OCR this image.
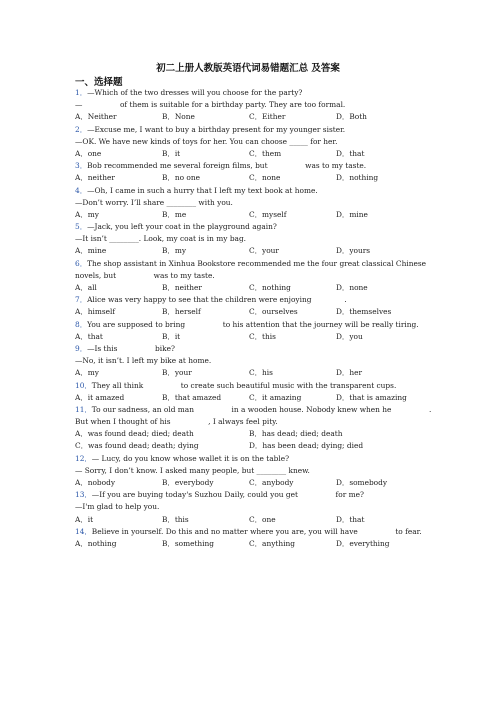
初二上册人教版英语代词易错题汇总 及答案
一、选择题
1．—Which of the two dresses will you choose for the party?
—                of them is suitable for a birthday party. They are too formal.
A．Neither	B．None	C．Either	D．Both
2．—Excuse me, I want to buy a birthday present for my younger sister.
—OK. We have new kinds of toys for her. You can choose _____ for her.
A．one	B．it	C．them	D．that
3．Bob recommended me several foreign films, but                was to my taste.
A．neither	B．no one	C．none	D．nothing
4．—Oh, I came in such a hurry that I left my text book at home.
—Don’t worry. I’ll share ________ with you.
A．my	B．me	C．myself	D．mine
5．—Jack, you left your coat in the playground again?
—It isn’t ________. Look, my coat is in my bag.
A．mine	B．my	C．your	D．yours
6．The shop assistant in Xinhua Bookstore recommended me the four great classical Chinese
novels, but                was to my taste.
A．all	B．neither	C．nothing	D．none
7．Alice was very happy to see that the children were enjoying              .
A．himself	B．herself	C．ourselves	D．themselves
8．You are supposed to bring                to his attention that the journey will be really tiring.
A．that	B．it	C．this	D．you
9．—Is this                bike?
—No, it isn’t. I left my bike at home.
A．my	B．your	C．his	D．her
10．They all think                to create such beautiful music with the transparent cups.
A．it amazed	B．that amazed	C．it amazing	D．that is amazing
11．To our sadness, an old man                in a wooden house. Nobody knew when he                .
But when I thought of his                , I always feel pity.
A．was found dead; died; death	B．has dead; died; death
C．was found dead; death; dying	D．has been dead; dying; died
12．— Lucy, do you know whose wallet it is on the table?
— Sorry, I don’t know. I asked many people, but ________ knew.
A．nobody	B．everybody	C．anybody	D．somebody
13．—If you are buying today's Suzhou Daily, could you get                for me?
—I'm glad to help you.
A．it	B．this	C．one	D．that
14．Believe in yourself. Do this and no matter where you are, you will have                to fear.
A．nothing	B．something	C．anything	D．everything
